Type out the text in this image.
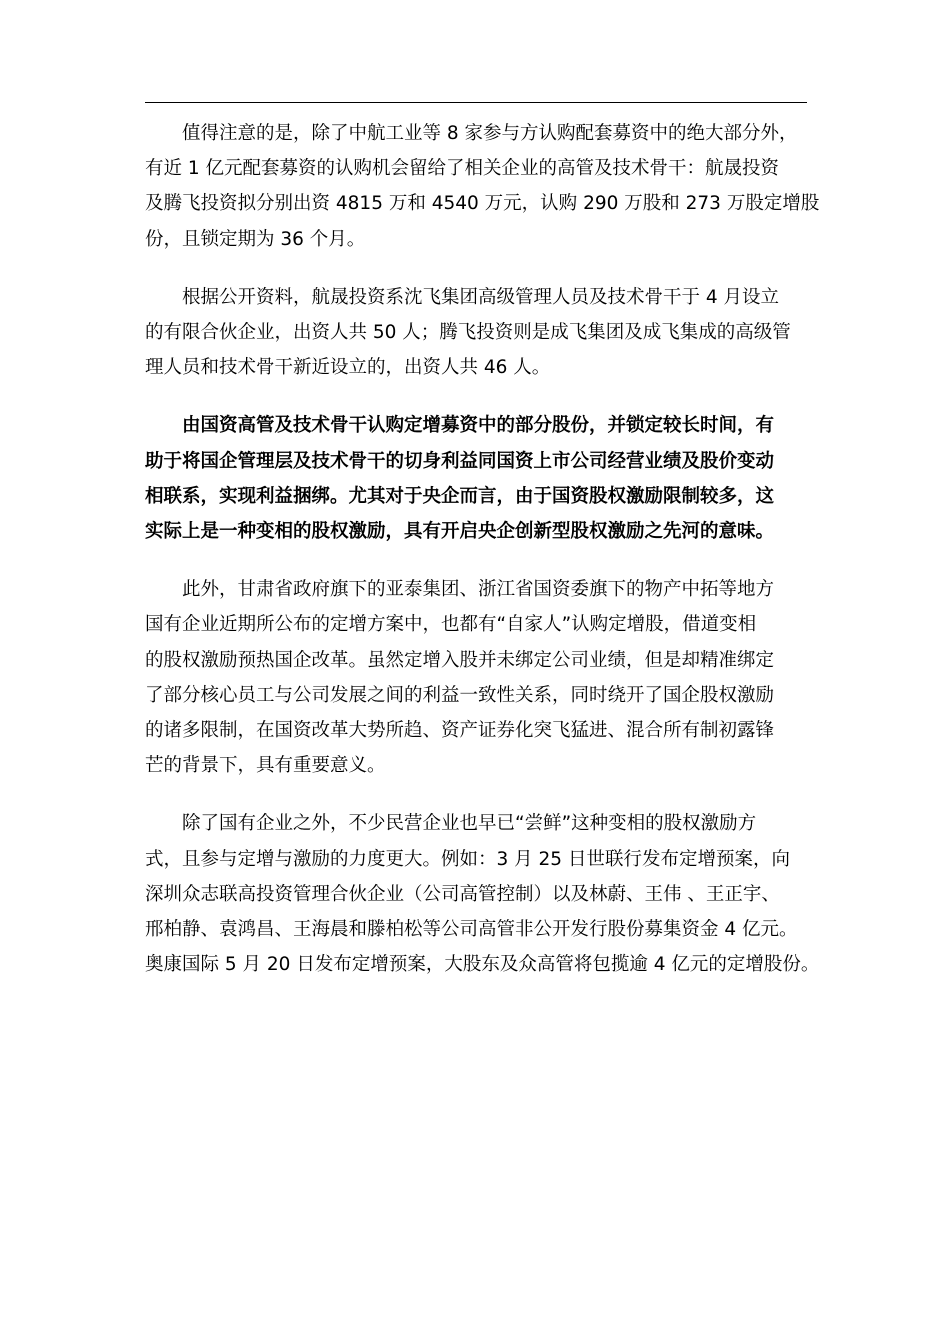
值得注意的是，除了中航工业等 8 家参与方认购配套募资中的绝大部分外，
有近 1 亿元配套募资的认购机会留给了相关企业的高管及技术骨干：航晟投资
及腾飞投资拟分别出资 4815 万和 4540 万元，认购 290 万股和 273 万股定增股
份，且锁定期为 36 个月。

根据公开资料，航晟投资系沈飞集团高级管理人员及技术骨干于 4 月设立
的有限合伙企业，出资人共 50 人；腾飞投资则是成飞集团及成飞集成的高级管
理人员和技术骨干新近设立的，出资人共 46 人。

由国资高管及技术骨干认购定增募资中的部分股份，并锁定较长时间，有
助于将国企管理层及技术骨干的切身利益同国资上市公司经营业绩及股价变动
相联系，实现利益捆绑。尤其对于央企而言，由于国资股权激励限制较多，这
实际上是一种变相的股权激励，具有开启央企创新型股权激励之先河的意味。

此外，甘肃省政府旗下的亚泰集团、浙江省国资委旗下的物产中拓等地方
国有企业近期所公布的定增方案中，也都有“自家人”认购定增股，借道变相
的股权激励预热国企改革。虽然定增入股并未绑定公司业绩，但是却精准绑定
了部分核心员工与公司发展之间的利益一致性关系，同时绕开了国企股权激励
的诸多限制，在国资改革大势所趋、资产证券化突飞猛进、混合所有制初露锋
芒的背景下，具有重要意义。

除了国有企业之外，不少民营企业也早已“尝鲜”这种变相的股权激励方
式，且参与定增与激励的力度更大。例如：3 月 25 日世联行发布定增预案，向
深圳众志联高投资管理合伙企业（公司高管控制）以及林蔚、王伟 、王正宇、
邢柏静、袁鸿昌、王海晨和滕柏松等公司高管非公开发行股份募集资金 4 亿元。
奥康国际 5 月 20 日发布定增预案，大股东及众高管将包揽逾 4 亿元的定增股份。
